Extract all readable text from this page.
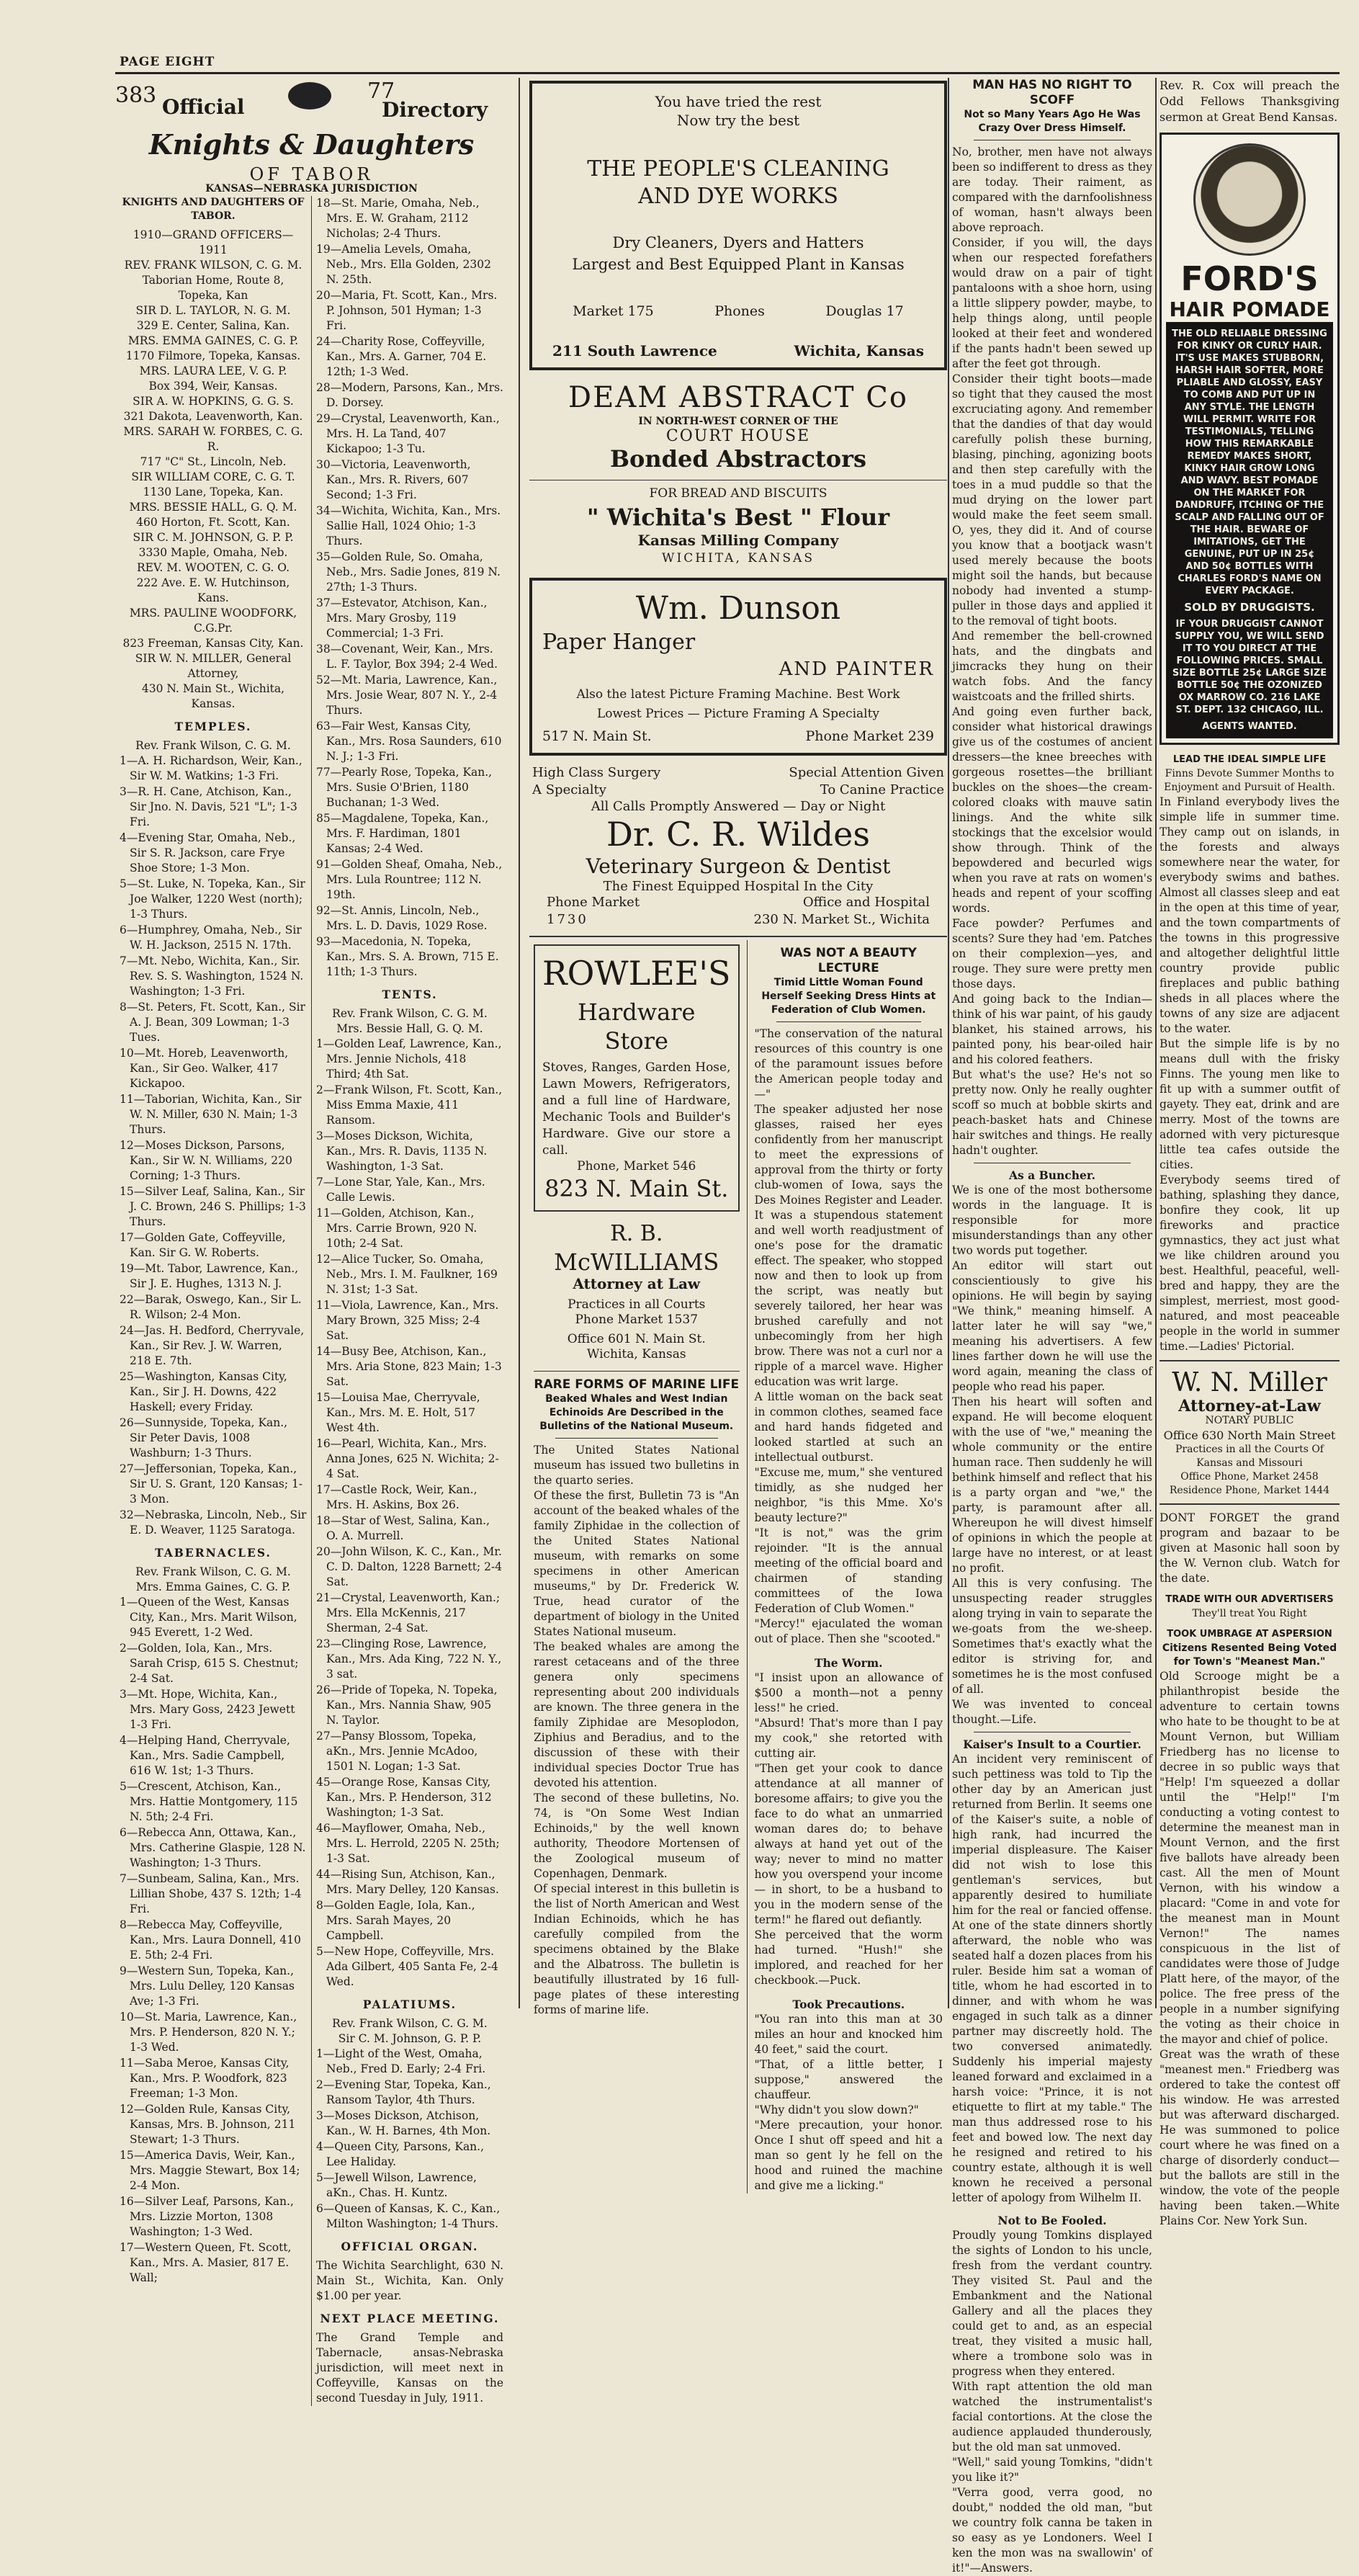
PAGE EIGHT
383 Official
77
Directory

Knights & Daughters

OF TABOR

KANSAS—NEBRASKA JURISDICTION

KNIGHTS AND DAUGHTERS OF TABOR.

1910—GRAND OFFICERS—1911

REV. FRANK WILSON, C. G. M.

Taborian Home, Route 8, Topeka, Kan

SIR D. L. TAYLOR, N. G. M.

329 E. Center, Salina, Kan.

MRS. EMMA GAINES, C. G. P.

1170 Filmore, Topeka, Kansas.

MRS. LAURA LEE, V. G. P.

Box 394, Weir, Kansas.

SIR A. W. HOPKINS, G. G. S.

321 Dakota, Leavenworth, Kan.

MRS. SARAH W. FORBES, C. G. R.

717 "C" St., Lincoln, Neb.

SIR WILLIAM CORE, C. G. T.

1130 Lane, Topeka, Kan.

MRS. BESSIE HALL, G. Q. M.

460 Horton, Ft. Scott, Kan.

SIR C. M. JOHNSON, G. P. P.

3330 Maple, Omaha, Neb.

REV. M. WOOTEN, C. G. O.

222 Ave. E. W. Hutchinson, Kans.

MRS. PAULINE WOODFORK, C.G.Pr.

823 Freeman, Kansas City, Kan.

SIR W. N. MILLER, General Attorney,

430 N. Main St., Wichita, Kansas.

TEMPLES.

Rev. Frank Wilson, C. G. M.

1—A. H. Richardson, Weir, Kan., Sir W. M. Watkins; 1-3 Fri.

3—R. H. Cane, Atchison, Kan., Sir Jno. N. Davis, 521 "L"; 1-3 Fri.

4—Evening Star, Omaha, Neb., Sir S. R. Jackson, care Frye Shoe Store; 1-3 Mon.

5—St. Luke, N. Topeka, Kan., Sir Joe Walker, 1220 West (north); 1-3 Thurs.

6—Humphrey, Omaha, Neb., Sir W. H. Jackson, 2515 N. 17th.

7—Mt. Nebo, Wichita, Kan., Sir. Rev. S. S. Washington, 1524 N. Washington; 1-3 Fri.

8—St. Peters, Ft. Scott, Kan., Sir A. J. Bean, 309 Lowman; 1-3 Tues.

10—Mt. Horeb, Leavenworth, Kan., Sir Geo. Walker, 417 Kickapoo.

11—Taborian, Wichita, Kan., Sir W. N. Miller, 630 N. Main; 1-3 Thurs.

12—Moses Dickson, Parsons, Kan., Sir W. N. Williams, 220 Corning; 1-3 Thurs.

15—Silver Leaf, Salina, Kan., Sir J. C. Brown, 246 S. Phillips; 1-3 Thurs.

17—Golden Gate, Coffeyville, Kan. Sir G. W. Roberts.

19—Mt. Tabor, Lawrence, Kan., Sir J. E. Hughes, 1313 N. J.

22—Barak, Oswego, Kan., Sir L. R. Wilson; 2-4 Mon.

24—Jas. H. Bedford, Cherryvale, Kan., Sir Rev. J. W. Warren, 218 E. 7th.

25—Washington, Kansas City, Kan., Sir J. H. Downs, 422 Haskell; every Friday.

26—Sunnyside, Topeka, Kan., Sir Peter Davis, 1008 Washburn; 1-3 Thurs.

27—Jeffersonian, Topeka, Kan., Sir U. S. Grant, 120 Kansas; 1-3 Mon.

32—Nebraska, Lincoln, Neb., Sir E. D. Weaver, 1125 Saratoga.

TABERNACLES.

Rev. Frank Wilson, C. G. M.

Mrs. Emma Gaines, C. G. P.

1—Queen of the West, Kansas City, Kan., Mrs. Marit Wilson, 945 Everett, 1-2 Wed.

2—Golden, Iola, Kan., Mrs. Sarah Crisp, 615 S. Chestnut; 2-4 Sat.

3—Mt. Hope, Wichita, Kan., Mrs. Mary Goss, 2423 Jewett 1-3 Fri.

4—Helping Hand, Cherryvale, Kan., Mrs. Sadie Campbell, 616 W. 1st; 1-3 Thurs.

5—Crescent, Atchison, Kan., Mrs. Hattie Montgomery, 115 N. 5th; 2-4 Fri.

6—Rebecca Ann, Ottawa, Kan., Mrs. Catherine Glaspie, 128 N. Washington; 1-3 Thurs.

7—Sunbeam, Salina, Kan., Mrs. Lillian Shobe, 437 S. 12th; 1-4 Fri.

8—Rebecca May, Coffeyville, Kan., Mrs. Laura Donnell, 410 E. 5th; 2-4 Fri.

9—Western Sun, Topeka, Kan., Mrs. Lulu Delley, 120 Kansas Ave; 1-3 Fri.

10—St. Maria, Lawrence, Kan., Mrs. P. Henderson, 820 N. Y.; 1-3 Wed.

11—Saba Meroe, Kansas City, Kan., Mrs. P. Woodfork, 823 Freeman; 1-3 Mon.

12—Golden Rule, Kansas City, Kansas, Mrs. B. Johnson, 211 Stewart; 1-3 Thurs.

15—America Davis, Weir, Kan., Mrs. Maggie Stewart, Box 14; 2-4 Mon.

16—Silver Leaf, Parsons, Kan., Mrs. Lizzie Morton, 1308 Washington; 1-3 Wed.

17—Western Queen, Ft. Scott, Kan., Mrs. A. Masier, 817 E. Wall;

18—St. Marie, Omaha, Neb., Mrs. E. W. Graham, 2112 Nicholas; 2-4 Thurs.

19—Amelia Levels, Omaha, Neb., Mrs. Ella Golden, 2302 N. 25th.

20—Maria, Ft. Scott, Kan., Mrs. P. Johnson, 501 Hyman; 1-3 Fri.

24—Charity Rose, Coffeyville, Kan., Mrs. A. Garner, 704 E. 12th; 1-3 Wed.

28—Modern, Parsons, Kan., Mrs. D. Dorsey.

29—Crystal, Leavenworth, Kan., Mrs. H. La Tand, 407 Kickapoo; 1-3 Tu.

30—Victoria, Leavenworth, Kan., Mrs. R. Rivers, 607 Second; 1-3 Fri.

34—Wichita, Wichita, Kan., Mrs. Sallie Hall, 1024 Ohio; 1-3 Thurs.

35—Golden Rule, So. Omaha, Neb., Mrs. Sadie Jones, 819 N. 27th; 1-3 Thurs.

37—Estevator, Atchison, Kan., Mrs. Mary Grosby, 119 Commercial; 1-3 Fri.

38—Covenant, Weir, Kan., Mrs. L. F. Taylor, Box 394; 2-4 Wed.

52—Mt. Maria, Lawrence, Kan., Mrs. Josie Wear, 807 N. Y., 2-4 Thurs.

63—Fair West, Kansas City, Kan., Mrs. Rosa Saunders, 610 N. J.; 1-3 Fri.

77—Pearly Rose, Topeka, Kan., Mrs. Susie O'Brien, 1180 Buchanan; 1-3 Wed.

85—Magdalene, Topeka, Kan., Mrs. F. Hardiman, 1801 Kansas; 2-4 Wed.

91—Golden Sheaf, Omaha, Neb., Mrs. Lula Rountree; 112 N. 19th.

92—St. Annis, Lincoln, Neb., Mrs. L. D. Davis, 1029 Rose.

93—Macedonia, N. Topeka, Kan., Mrs. S. A. Brown, 715 E. 11th; 1-3 Thurs.

TENTS.

Rev. Frank Wilson, C. G. M.

Mrs. Bessie Hall, G. Q. M.

1—Golden Leaf, Lawrence, Kan., Mrs. Jennie Nichols, 418 Third; 4th Sat.

2—Frank Wilson, Ft. Scott, Kan., Miss Emma Maxie, 411 Ransom.

3—Moses Dickson, Wichita, Kan., Mrs. R. Davis, 1135 N. Washington, 1-3 Sat.

7—Lone Star, Yale, Kan., Mrs. Calle Lewis.

11—Golden, Atchison, Kan., Mrs. Carrie Brown, 920 N. 10th; 2-4 Sat.

12—Alice Tucker, So. Omaha, Neb., Mrs. I. M. Faulkner, 169 N. 31st; 1-3 Sat.

11—Viola, Lawrence, Kan., Mrs. Mary Brown, 325 Miss; 2-4 Sat.

14—Busy Bee, Atchison, Kan., Mrs. Aria Stone, 823 Main; 1-3 Sat.

15—Louisa Mae, Cherryvale, Kan., Mrs. M. E. Holt, 517 West 4th.

16—Pearl, Wichita, Kan., Mrs. Anna Jones, 625 N. Wichita; 2-4 Sat.

17—Castle Rock, Weir, Kan., Mrs. H. Askins, Box 26.

18—Star of West, Salina, Kan., O. A. Murrell.

20—John Wilson, K. C., Kan., Mr. C. D. Dalton, 1228 Barnett; 2-4 Sat.

21—Crystal, Leavenworth, Kan.; Mrs. Ella McKennis, 217 Sherman, 2-4 Sat.

23—Clinging Rose, Lawrence, Kan., Mrs. Ada King, 722 N. Y., 3 sat.

26—Pride of Topeka, N. Topeka, Kan., Mrs. Nannia Shaw, 905 N. Taylor.

27—Pansy Blossom, Topeka, aKn., Mrs. Jennie McAdoo, 1501 N. Logan; 1-3 Sat.

45—Orange Rose, Kansas City, Kan., Mrs. P. Henderson, 312 Washington; 1-3 Sat.

46—Mayflower, Omaha, Neb., Mrs. L. Herrold, 2205 N. 25th; 1-3 Sat.

44—Rising Sun, Atchison, Kan., Mrs. Mary Delley, 120 Kansas.

8—Golden Eagle, Iola, Kan., Mrs. Sarah Mayes, 20 Campbell.

5—New Hope, Coffeyville, Mrs. Ada Gilbert, 405 Santa Fe, 2-4 Wed.

PALATIUMS.

Rev. Frank Wilson, C. G. M.

Sir C. M. Johnson, G. P. P.

1—Light of the West, Omaha, Neb., Fred D. Early; 2-4 Fri.

2—Evening Star, Topeka, Kan., Ransom Taylor, 4th Thurs.

3—Moses Dickson, Atchison, Kan., W. H. Barnes, 4th Mon.

4—Queen City, Parsons, Kan., Lee Haliday.

5—Jewell Wilson, Lawrence, aKn., Chas. H. Kuntz.

6—Queen of Kansas, K. C., Kan., Milton Washington; 1-4 Thurs.

OFFICIAL ORGAN.

The Wichita Searchlight, 630 N. Main St., Wichita, Kan. Only $1.00 per year.

NEXT PLACE MEETING.

The Grand Temple and Tabernacle, ansas-Nebraska jurisdiction, will meet next in Coffeyville, Kansas on the second Tuesday in July, 1911.

You have tried the rest

Now try the best

THE PEOPLE'S CLEANING

AND DYE WORKS

Dry Cleaners, Dyers and Hatters

Largest and Best Equipped Plant in Kansas

Market 175	Phones	Douglas 17
211 South Lawrence	Wichita, Kansas

DEAM ABSTRACT Co

IN NORTH-WEST CORNER OF THE

COURT HOUSE

Bonded Abstractors

FOR BREAD AND BISCUITS

" Wichita's Best " Flour

Kansas Milling Company

WICHITA, KANSAS

Wm. Dunson

Paper Hanger

AND PAINTER

Also the latest Picture Framing Machine. Best Work

Lowest Prices — Picture Framing A Specialty

517 N. Main St.	Phone Market 239

High Class Surgery

A Specialty

Special Attention Given

To Canine Practice

All Calls Promptly Answered — Day or Night

Dr. C. R. Wildes

Veterinary Surgeon & Dentist

The Finest Equipped Hospital In the City

Phone Market

1730

Office and Hospital

230 N. Market St., Wichita

ROWLEE'S

Hardware Store

Stoves, Ranges, Garden Hose, Lawn Mowers, Refrigerators, and a full line of Hardware, Mechanic Tools and Builder's Hardware. Give our store a call.

Phone, Market 546

823 N. Main St.

R. B.

McWILLIAMS

Attorney at Law

Practices in all Courts

Phone Market 1537

Office 601 N. Main St.

Wichita, Kansas

RARE FORMS OF MARINE LIFE

Beaked Whales and West Indian Echinoids Are Described in the Bulletins of the National Museum.

The United States National museum has issued two bulletins in the quarto series.

Of these the first, Bulletin 73 is "An account of the beaked whales of the family Ziphidae in the collection of the United States National museum, with remarks on some specimens in other American museums," by Dr. Frederick W. True, head curator of the department of biology in the United States National museum.

The beaked whales are among the rarest cetaceans and of the three genera only specimens representing about 200 individuals are known. The three genera in the family Ziphidae are Mesoplodon, Ziphius and Beradius, and to the discussion of these with their individual species Doctor True has devoted his attention.

The second of these bulletins, No. 74, is "On Some West Indian Echinoids," by the well known authority, Theodore Mortensen of the Zoological museum of Copenhagen, Denmark.

Of special interest in this bulletin is the list of North American and West Indian Echinoids, which he has carefully compiled from the specimens obtained by the Blake and the Albatross. The bulletin is beautifully illustrated by 16 full-page plates of these interesting forms of marine life.

WAS NOT A BEAUTY LECTURE

Timid Little Woman Found Herself Seeking Dress Hints at Federation of Club Women.

"The conservation of the natural resources of this country is one of the paramount issues before the American people today and—"

The speaker adjusted her nose glasses, raised her eyes confidently from her manuscript to meet the expressions of approval from the thirty or forty club-women of Iowa, says the Des Moines Register and Leader. It was a stupendous statement and well worth readjustment of one's pose for the dramatic effect. The speaker, who stopped now and then to look up from the script, was neatly but severely tailored, her hear was brushed carefully and not unbecomingly from her high brow. There was not a curl nor a ripple of a marcel wave. Higher education was writ large.

A little woman on the back seat in common clothes, seamed face and hard hands fidgeted and looked startled at such an intellectual outburst.

"Excuse me, mum," she ventured timidly, as she nudged her neighbor, "is this Mme. Xo's beauty lecture?"

"It is not," was the grim rejoinder. "It is the annual meeting of the official board and chairmen of standing committees of the Iowa Federation of Club Women."

"Mercy!" ejaculated the woman out of place. Then she "scooted."

The Worm.

"I insist upon an allowance of $500 a month—not a penny less!" he cried.

"Absurd! That's more than I pay my cook," she retorted with cutting air.

"Then get your cook to dance attendance at all manner of boresome affairs; to give you the face to do what an unmarried woman dares do; to behave always at hand yet out of the way; never to mind no matter how you overspend your income— in short, to be a husband to you in the modern sense of the term!" he flared out defiantly.

She perceived that the worm had turned. "Hush!" she implored, and reached for her checkbook.—Puck.

Took Precautions.

"You ran into this man at 30 miles an hour and knocked him 40 feet," said the court.

"That, of a little better, I suppose," answered the chauffeur.

"Why didn't you slow down?"

"Mere precaution, your honor. Once I shut off speed and hit a man so gent ly he fell on the hood and ruined the machine and give me a licking."

MAN HAS NO RIGHT TO SCOFF

Not so Many Years Ago He Was Crazy Over Dress Himself.

No, brother, men have not always been so indifferent to dress as they are today. Their raiment, as compared with the darnfoolishness of woman, hasn't always been above reproach.

Consider, if you will, the days when our respected forefathers would draw on a pair of tight pantaloons with a shoe horn, using a little slippery powder, maybe, to help things along, until people looked at their feet and wondered if the pants hadn't been sewed up after the feet got through.

Consider their tight boots—made so tight that they caused the most excruciating agony. And remember that the dandies of that day would carefully polish these burning, blasing, pinching, agonizing boots and then step carefully with the toes in a mud puddle so that the mud drying on the lower part would make the feet seem small. O, yes, they did it. And of course you know that a bootjack wasn't used merely because the boots might soil the hands, but because nobody had invented a stump-puller in those days and applied it to the removal of tight boots.

And remember the bell-crowned hats, and the dingbats and jimcracks they hung on their watch fobs. And the fancy waistcoats and the frilled shirts.

And going even further back, consider what historical drawings give us of the costumes of ancient dressers—the knee breeches with gorgeous rosettes—the brilliant buckles on the shoes—the cream-colored cloaks with mauve satin linings. And the white silk stockings that the excelsior would show through. Think of the bepowdered and becurled wigs when you rave at rats on women's heads and repent of your scoffing words.

Face powder? Perfumes and scents? Sure they had 'em. Patches on their complexion—yes, and rouge. They sure were pretty men those days.

And going back to the Indian—think of his war paint, of his gaudy blanket, his stained arrows, his painted pony, his bear-oiled hair and his colored feathers.

But what's the use? He's not so pretty now. Only he really oughter scoff so much at bobble skirts and peach-basket hats and Chinese hair switches and things. He really hadn't oughter.

As a Buncher.

We is one of the most bothersome words in the language. It is responsible for more misunderstandings than any other two words put together.

An editor will start out conscientiously to give his opinions. He will begin by saying "We think," meaning himself. A latter later he will say "we," meaning his advertisers. A few lines farther down he will use the word again, meaning the class of people who read his paper.

Then his heart will soften and expand. He will become eloquent with the use of "we," meaning the whole community or the entire human race. Then suddenly he will bethink himself and reflect that his is a party organ and "we," the party, is paramount after all. Whereupon he will divest himself of opinions in which the people at large have no interest, or at least no profit.

All this is very confusing. The unsuspecting reader struggles along trying in vain to separate the we-goats from the we-sheep. Sometimes that's exactly what the editor is striving for, and sometimes he is the most confused of all.

We was invented to conceal thought.—Life.

Kaiser's Insult to a Courtier.

An incident very reminiscent of such pettiness was told to Tip the other day by an American just returned from Berlin. It seems one of the Kaiser's suite, a noble of high rank, had incurred the imperial displeasure. The Kaiser did not wish to lose this gentleman's services, but apparently desired to humiliate him for the real or fancied offense. At one of the state dinners shortly afterward, the noble who was seated half a dozen places from his ruler. Beside him sat a woman of title, whom he had escorted in to dinner, and with whom he was engaged in such talk as a dinner partner may discreetly hold. The two conversed animatedly. Suddenly his imperial majesty leaned forward and exclaimed in a harsh voice: "Prince, it is not etiquette to flirt at my table." The man thus addressed rose to his feet and bowed low. The next day he resigned and retired to his country estate, although it is well known he received a personal letter of apology from Wilhelm II.

Not to Be Fooled.

Proudly young Tomkins displayed the sights of London to his uncle, fresh from the verdant country. They visited St. Paul and the Embankment and the National Gallery and all the places they could get to and, as an especial treat, they visited a music hall, where a trombone solo was in progress when they entered.

With rapt attention the old man watched the instrumentalist's facial contortions. At the close the audience applauded thunderously, but the old man sat unmoved.

"Well," said young Tomkins, "didn't you like it?"

"Verra good, verra good, no doubt," nodded the old man, "but we country folk canna be taken in so easy as ye Londoners. Weel I ken the mon was na swallowin' of it!"—Answers.

Rev. R. Cox will preach the Odd Fellows Thanksgiving sermon at Great Bend Kansas.

FORD'S

HAIR POMADE

THE OLD RELIABLE DRESSING FOR KINKY OR CURLY HAIR. IT'S USE MAKES STUBBORN, HARSH HAIR SOFTER, MORE PLIABLE AND GLOSSY, EASY TO COMB AND PUT UP IN ANY STYLE. THE LENGTH WILL PERMIT. WRITE FOR TESTIMONIALS, TELLING HOW THIS REMARKABLE REMEDY MAKES SHORT, KINKY HAIR GROW LONG AND WAVY. BEST POMADE ON THE MARKET FOR DANDRUFF, ITCHING OF THE SCALP AND FALLING OUT OF THE HAIR. BEWARE OF IMITATIONS, GET THE GENUINE, PUT UP IN 25¢ AND 50¢ BOTTLES WITH CHARLES FORD'S NAME ON EVERY PACKAGE.

SOLD BY DRUGGISTS.

IF YOUR DRUGGIST CANNOT SUPPLY YOU, WE WILL SEND IT TO YOU DIRECT AT THE FOLLOWING PRICES. SMALL SIZE BOTTLE 25¢ LARGE SIZE BOTTLE 50¢ THE OZONIZED OX MARROW CO. 216 LAKE ST. DEPT. 132 CHICAGO, ILL.

AGENTS WANTED.

LEAD THE IDEAL SIMPLE LIFE

Finns Devote Summer Months to Enjoyment and Pursuit of Health.

In Finland everybody lives the simple life in summer time. They camp out on islands, in the forests and always somewhere near the water, for everybody swims and bathes. Almost all classes sleep and eat in the open at this time of year, and the town compartments of the towns in this progressive and altogether delightful little country provide public fireplaces and public bathing sheds in all places where the towns of any size are adjacent to the water.

But the simple life is by no means dull with the frisky Finns. The young men like to fit up with a summer outfit of gayety. They eat, drink and are merry. Most of the towns are adorned with very picturesque little tea cafes outside the cities.

Everybody seems tired of bathing, splashing they dance, bonfire they cook, lit up fireworks and practice gymnastics, they act just what we like children around you best. Healthful, peaceful, well-bred and happy, they are the simplest, merriest, most good-natured, and most peaceable people in the world in summer time.—Ladies' Pictorial.

W. N. Miller

Attorney-at-Law

NOTARY PUBLIC

Office 630 North Main Street

Practices in all the Courts Of Kansas and Missouri

Office Phone, Market 2458

Residence Phone, Market 1444

DONT FORGET the grand program and bazaar to be given at Masonic hall soon by the W. Vernon club. Watch for the date.

TRADE WITH OUR ADVERTISERS

They'll treat You Right

TOOK UMBRAGE AT ASPERSION

Citizens Resented Being Voted for Town's "Meanest Man."

Old Scrooge might be a philanthropist beside the adventure to certain towns who hate to be thought to be at Mount Vernon, but William Friedberg has no license to decree in so public ways that "Help! I'm squeezed a dollar until the "Help!" I'm conducting a voting contest to determine the meanest man in Mount Vernon, and the first five ballots have already been cast. All the men of Mount Vernon, with his window a placard: "Come in and vote for the meanest man in Mount Vernon!" The names conspicuous in the list of candidates were those of Judge Platt here, of the mayor, of the police. The free press of the people in a number signifying the voting as their choice in the mayor and chief of police.

Great was the wrath of these "meanest men." Friedberg was ordered to take the contest off his window. He was arrested but was afterward discharged. He was summoned to police court where he was fined on a charge of disorderly conduct—but the ballots are still in the window, the vote of the people having been taken.—White Plains Cor. New York Sun.
